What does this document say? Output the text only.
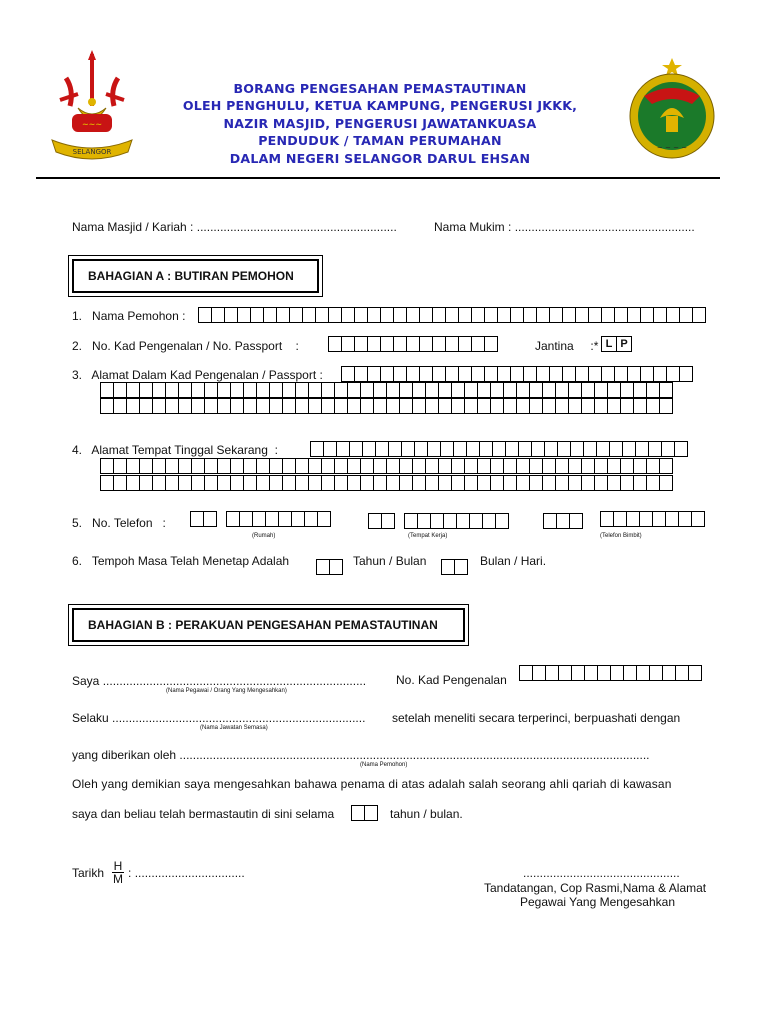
~~~
SELANGOR	~ ~ ~ ~
BORANG PENGESAHAN PEMASTAUTINAN
OLEH PENGHULU, KETUA KAMPUNG, PENGERUSI JKKK,
NAZIR MASJID, PENGERUSI JAWATANKUASA
PENDUDUK / TAMAN PERUMAHAN
DALAM NEGERI SELANGOR DARUL EHSAN
Nama Masjid / Kariah : ............................................................	Nama Mukim : ......................................................
BAHAGIAN A : BUTIRAN PEMOHON
1. Nama Pemohon :
2. No. Kad Pengenalan / No. Passport :	Jantina :* L P
3. Alamat Dalam Kad Pengenalan / Passport :
4. Alamat Tempat Tinggal Sekarang :
5. No. Telefon :
(Rumah)	(Tempat Kerja)	(Telefon Bimbit)
6. Tempoh Masa Telah Menetap Adalah	Tahun / Bulan	Bulan / Hari.
BAHAGIAN B : PERAKUAN PENGESAHAN PEMASTAUTINAN
Saya ...............................................................................
(Nama Pegawai / Orang Yang Mengesahkan)
No. Kad Pengenalan
Selaku ............................................................................
(Nama Jawatan Semasa)
setelah meneliti secara terperinci, berpuashati dengan
yang diberikan oleh .............................................................................................................................................
(Nama Pemohon)
Oleh yang demikian saya mengesahkan bahawa penama di atas adalah salah seorang ahli qariah di kawasan
saya dan beliau telah bermastautin di sini selama	tahun / bulan.
Tarikh $\frac{H}{M}$ : .................................	...............................................
Tandatangan, Cop Rasmi,Nama & Alamat
Pegawai Yang Mengesahkan
